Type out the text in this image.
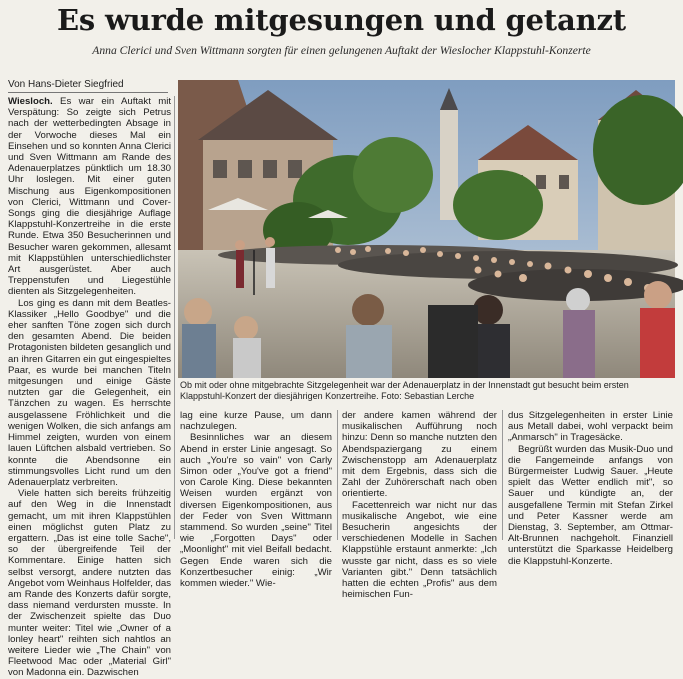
Es wurde mitgesungen und getanzt
Anna Clerici und Sven Wittmann sorgten für einen gelungenen Auftakt der Wieslocher Klappstuhl-Konzerte
Von Hans-Dieter Siegfried

Wiesloch. Es war ein Auftakt mit Verspätung: So zeigte sich Petrus nach der wetterbedingten Absage in der Vorwoche dieses Mal ein Einsehen und so konnten Anna Clerici und Sven Wittmann am Rande des Adenauerplatzes pünktlich um 18.30 Uhr loslegen. Mit einer guten Mischung aus Eigenkompositionen von Clerici, Wittmann und Cover-Songs ging die diesjährige Auflage Klappstuhl-Konzertreihe in die erste Runde. Etwa 350 Besucherinnen und Besucher waren gekommen, allesamt mit Klappstühlen unterschiedlichster Art ausgerüstet. Aber auch Treppenstufen und Liegestühle dienten als Sitzgelegenheiten.

Los ging es dann mit dem Beatles-Klassiker „Hello Goodbye" und die eher sanften Töne zogen sich durch den gesamten Abend. Die beiden Protagonisten bildeten gesanglich und an ihren Gitarren ein gut eingespieltes Paar, es wurde bei manchen Titeln mitgesungen und einige Gäste nutzten gar die Gelegenheit, ein Tänzchen zu wagen. Es herrschte ausgelassene Fröhlichkeit und die wenigen Wolken, die sich anfangs am Himmel zeigten, wurden von einem lauen Lüftchen alsbald vertrieben. So konnte die Abendsonne ein stimmungsvolles Licht rund um den Adenauerplatz verbreiten.

Viele hatten sich bereits frühzeitig auf den Weg in die Innenstadt gemacht, um mit ihren Klappstühlen einen möglichst guten Platz zu ergattern. „Das ist eine tolle Sache", so der übergreifende Teil der Kommentare. Einige hatten sich selbst versorgt, andere nutzten das Angebot vom Weinhaus Holfelder, das am Rande des Konzerts dafür sorgte, dass niemand verdursten musste. In der Zwischenzeit spielte das Duo munter weiter: Titel wie „Owner of a lonley heart" reihten sich nahtlos an weitere Lieder wie „The Chain" von Fleetwood Mac oder „Material Girl" von Madonna ein. Dazwischen

Ob mit oder ohne mitgebrachte Sitzgelegenheit war der Adenauerplatz in der Innenstadt gut besucht beim ersten Klappstuhl-Konzert der diesjährigen Konzertreihe. Foto: Sebastian Lerche

lag eine kurze Pause, um dann nachzulegen.

Besinnliches war an diesem Abend in erster Linie angesagt. So auch „You're so vain" von Carly Simon oder „You've got a friend" von Carole King. Diese bekannten Weisen wurden ergänzt von diversen Eigenkompositionen, aus der Feder von Sven Wittmann stammend. So wurden „seine" Titel wie „Forgotten Days" oder „Moonlight" mit viel Beifall bedacht. Gegen Ende waren sich die Konzertbesucher einig: „Wir kommen wieder." Wie-

der andere kamen während der musikalischen Aufführung noch hinzu: Denn so manche nutzten den Abendspaziergang zu einem Zwischenstopp am Adenauerplatz mit dem Ergebnis, dass sich die Zahl der Zuhörerschaft nach oben orientierte.

Facettenreich war nicht nur das musikalische Angebot, wie eine Besucherin angesichts der verschiedenen Modelle in Sachen Klappstühle erstaunt anmerkte: „Ich wusste gar nicht, dass es so viele Varianten gibt." Denn tatsächlich hatten die echten „Profis" aus dem heimischen Fun-

dus Sitzgelegenheiten in erster Linie aus Metall dabei, wohl verpackt beim „Anmarsch" in Tragesäcke.

Begrüßt wurden das Musik-Duo und die Fangemeinde anfangs von Bürgermeister Ludwig Sauer. „Heute spielt das Wetter endlich mit", so Sauer und kündigte an, der ausgefallene Termin mit Stefan Zirkel und Peter Kassner werde am Dienstag, 3. September, am Ottmar-Alt-Brunnen nachgeholt. Finanziell unterstützt die Sparkasse Heidelberg die Klappstuhl-Konzerte.
